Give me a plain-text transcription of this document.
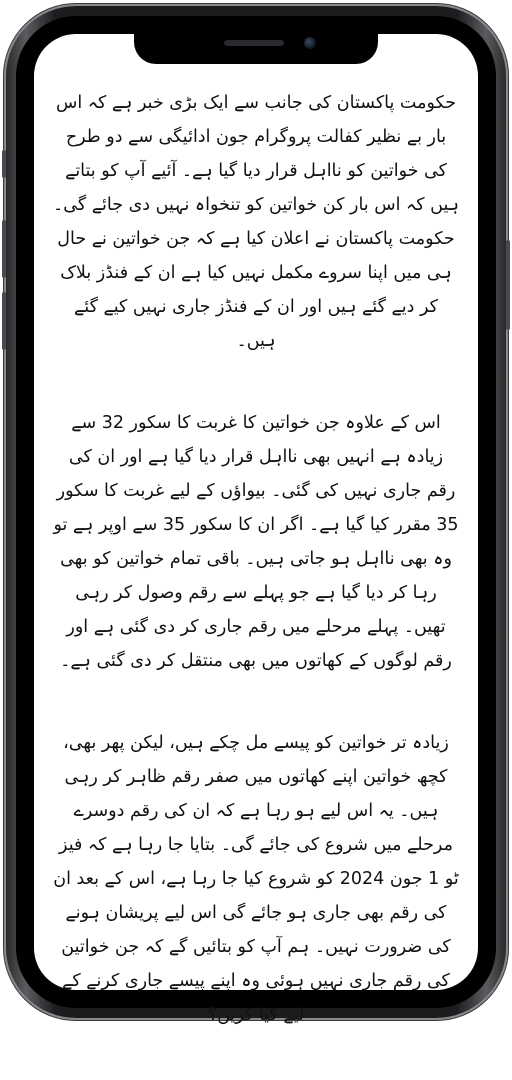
حکومت پاکستان کی جانب سے ایک بڑی خبر ہے کہ اس بار بے نظیر کفالت پروگرام جون ادائیگی سے دو طرح کی خواتین کو نااہل قرار دیا گیا ہے۔ آئیے آپ کو بتاتے ہیں کہ اس بار کن خواتین کو تنخواہ نہیں دی جائے گی۔ حکومت پاکستان نے اعلان کیا ہے کہ جن خواتین نے حال ہی میں اپنا سروے مکمل نہیں کیا ہے ان کے فنڈز بلاک کر دیے گئے ہیں اور ان کے فنڈز جاری نہیں کیے گئے ہیں۔

اس کے علاوہ جن خواتین کا غربت کا سکور 32 سے زیادہ ہے انہیں بھی نااہل قرار دیا گیا ہے اور ان کی رقم جاری نہیں کی گئی۔ بیواؤں کے لیے غربت کا سکور 35 مقرر کیا گیا ہے۔ اگر ان کا سکور 35 سے اوپر ہے تو وہ بھی نااہل ہو جاتی ہیں۔ باقی تمام خواتین کو بھی رہا کر دیا گیا ہے جو پہلے سے رقم وصول کر رہی تھیں۔ پہلے مرحلے میں رقم جاری کر دی گئی ہے اور رقم لوگوں کے کھاتوں میں بھی منتقل کر دی گئی ہے۔

زیادہ تر خواتین کو پیسے مل چکے ہیں، لیکن پھر بھی، کچھ خواتین اپنے کھاتوں میں صفر رقم ظاہر کر رہی ہیں۔ یہ اس لیے ہو رہا ہے کہ ان کی رقم دوسرے مرحلے میں شروع کی جائے گی۔ بتایا جا رہا ہے کہ فیز ٹو 1 جون 2024 کو شروع کیا جا رہا ہے، اس کے بعد ان کی رقم بھی جاری ہو جائے گی اس لیے پریشان ہونے کی ضرورت نہیں۔ ہم آپ کو بتائیں گے کہ جن خواتین کی رقم جاری نہیں ہوئی وہ اپنے پیسے جاری کرنے کے لیے کیا کریں؟
